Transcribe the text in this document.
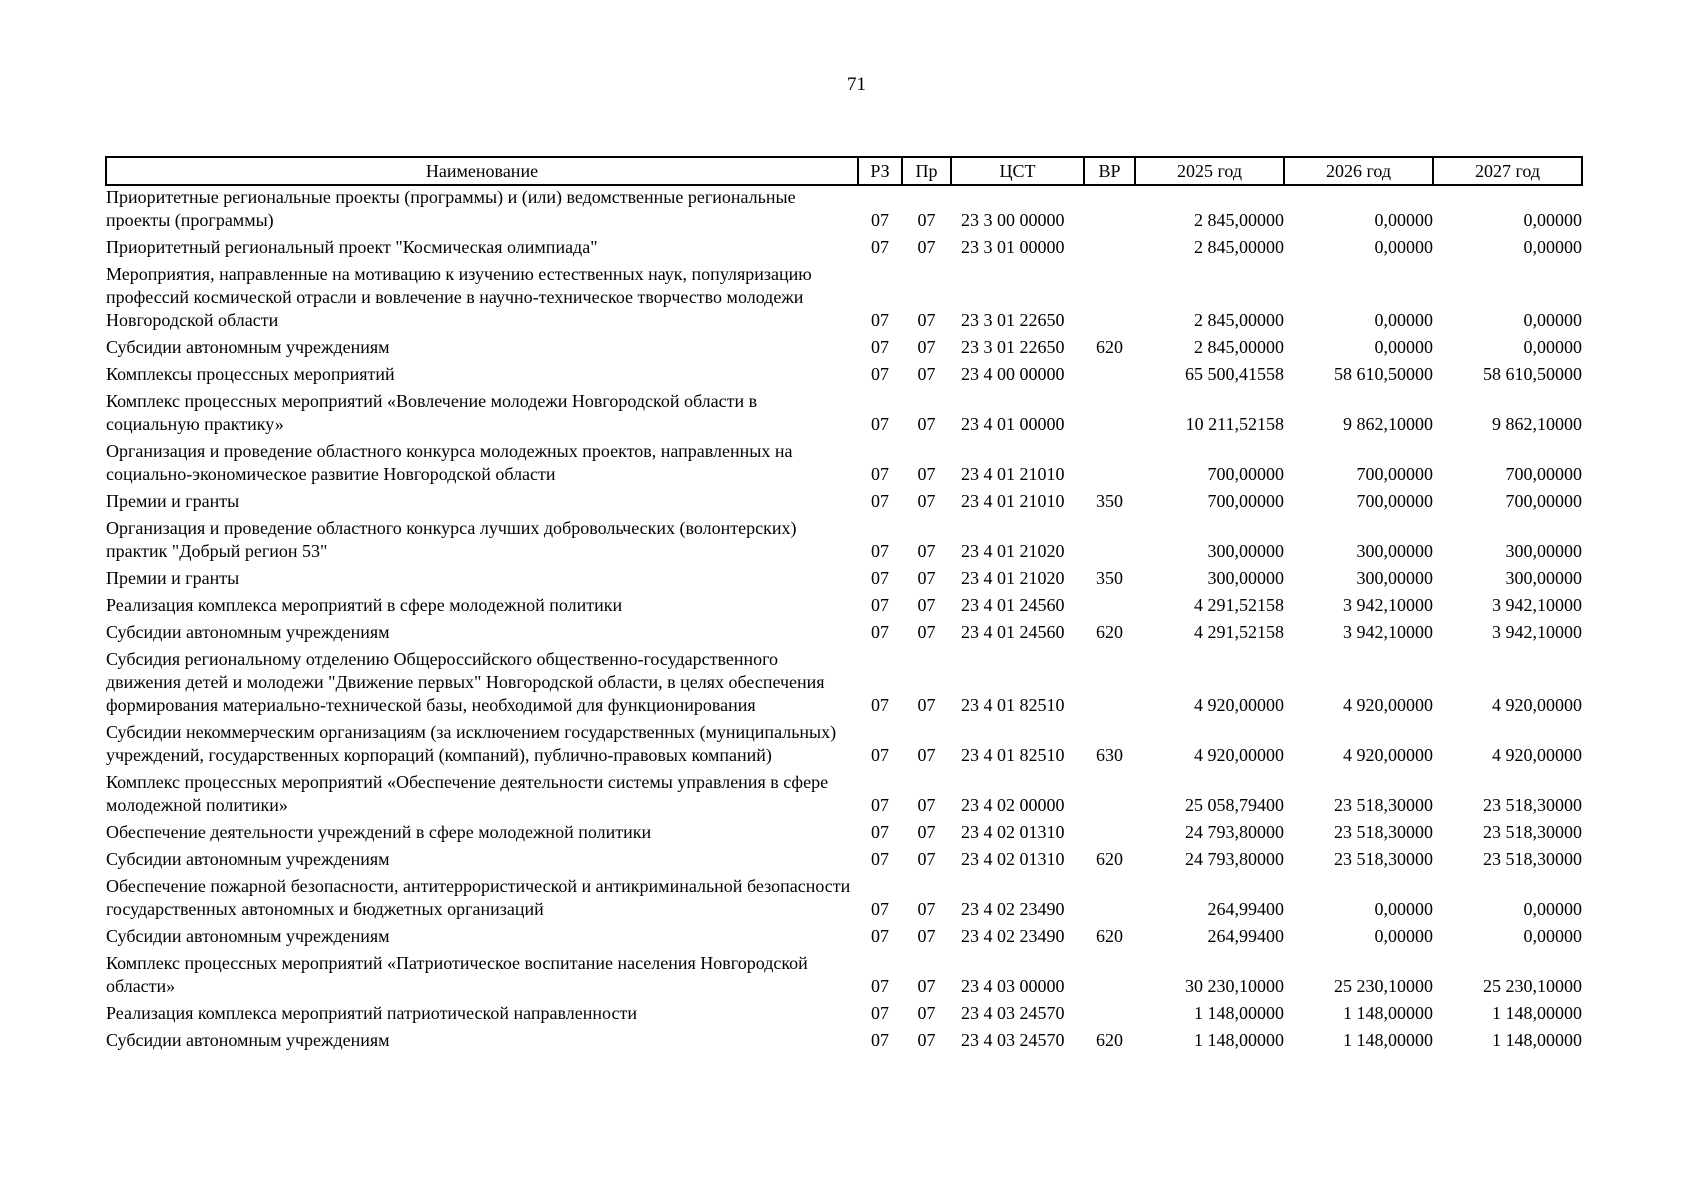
71
Наименование	РЗ	Пр	ЦСТ	ВР	2025 год	2026 год	2027 год
Приоритетные региональные проекты (программы) и (или) ведомственные региональные проекты (программы)	07	07	23 3 00 00000		2 845,00000	0,00000	0,00000
Приоритетный региональный проект "Космическая олимпиада"	07	07	23 3 01 00000		2 845,00000	0,00000	0,00000
Мероприятия, направленные на мотивацию к изучению естественных наук, популяризацию профессий космической отрасли и вовлечение в научно-техническое творчество молодежи Новгородской области	07	07	23 3 01 22650		2 845,00000	0,00000	0,00000
Субсидии автономным учреждениям	07	07	23 3 01 22650	620	2 845,00000	0,00000	0,00000
Комплексы процессных мероприятий	07	07	23 4 00 00000		65 500,41558	58 610,50000	58 610,50000
Комплекс процессных мероприятий «Вовлечение молодежи Новгородской области в социальную практику»	07	07	23 4 01 00000		10 211,52158	9 862,10000	9 862,10000
Организация и проведение областного конкурса молодежных проектов, направленных на социально-экономическое развитие Новгородской области	07	07	23 4 01 21010		700,00000	700,00000	700,00000
Премии и гранты	07	07	23 4 01 21010	350	700,00000	700,00000	700,00000
Организация и проведение областного конкурса лучших добровольческих (волонтерских) практик "Добрый регион 53"	07	07	23 4 01 21020		300,00000	300,00000	300,00000
Премии и гранты	07	07	23 4 01 21020	350	300,00000	300,00000	300,00000
Реализация комплекса мероприятий в сфере молодежной политики	07	07	23 4 01 24560		4 291,52158	3 942,10000	3 942,10000
Субсидии автономным учреждениям	07	07	23 4 01 24560	620	4 291,52158	3 942,10000	3 942,10000
Субсидия региональному отделению Общероссийского общественно-государственного движения детей и молодежи "Движение первых" Новгородской области, в целях обеспечения формирования материально-технической базы, необходимой для функционирования	07	07	23 4 01 82510		4 920,00000	4 920,00000	4 920,00000
Субсидии некоммерческим организациям (за исключением государственных (муниципальных) учреждений, государственных корпораций (компаний), публично-правовых компаний)	07	07	23 4 01 82510	630	4 920,00000	4 920,00000	4 920,00000
Комплекс процессных мероприятий «Обеспечение деятельности системы управления в сфере молодежной политики»	07	07	23 4 02 00000		25 058,79400	23 518,30000	23 518,30000
Обеспечение деятельности учреждений в сфере молодежной политики	07	07	23 4 02 01310		24 793,80000	23 518,30000	23 518,30000
Субсидии автономным учреждениям	07	07	23 4 02 01310	620	24 793,80000	23 518,30000	23 518,30000
Обеспечение пожарной безопасности, антитеррористической и антикриминальной безопасности государственных автономных и бюджетных организаций	07	07	23 4 02 23490		264,99400	0,00000	0,00000
Субсидии автономным учреждениям	07	07	23 4 02 23490	620	264,99400	0,00000	0,00000
Комплекс процессных мероприятий «Патриотическое воспитание населения Новгородской области»	07	07	23 4 03 00000		30 230,10000	25 230,10000	25 230,10000
Реализация комплекса мероприятий патриотической направленности	07	07	23 4 03 24570		1 148,00000	1 148,00000	1 148,00000
Субсидии автономным учреждениям	07	07	23 4 03 24570	620	1 148,00000	1 148,00000	1 148,00000
